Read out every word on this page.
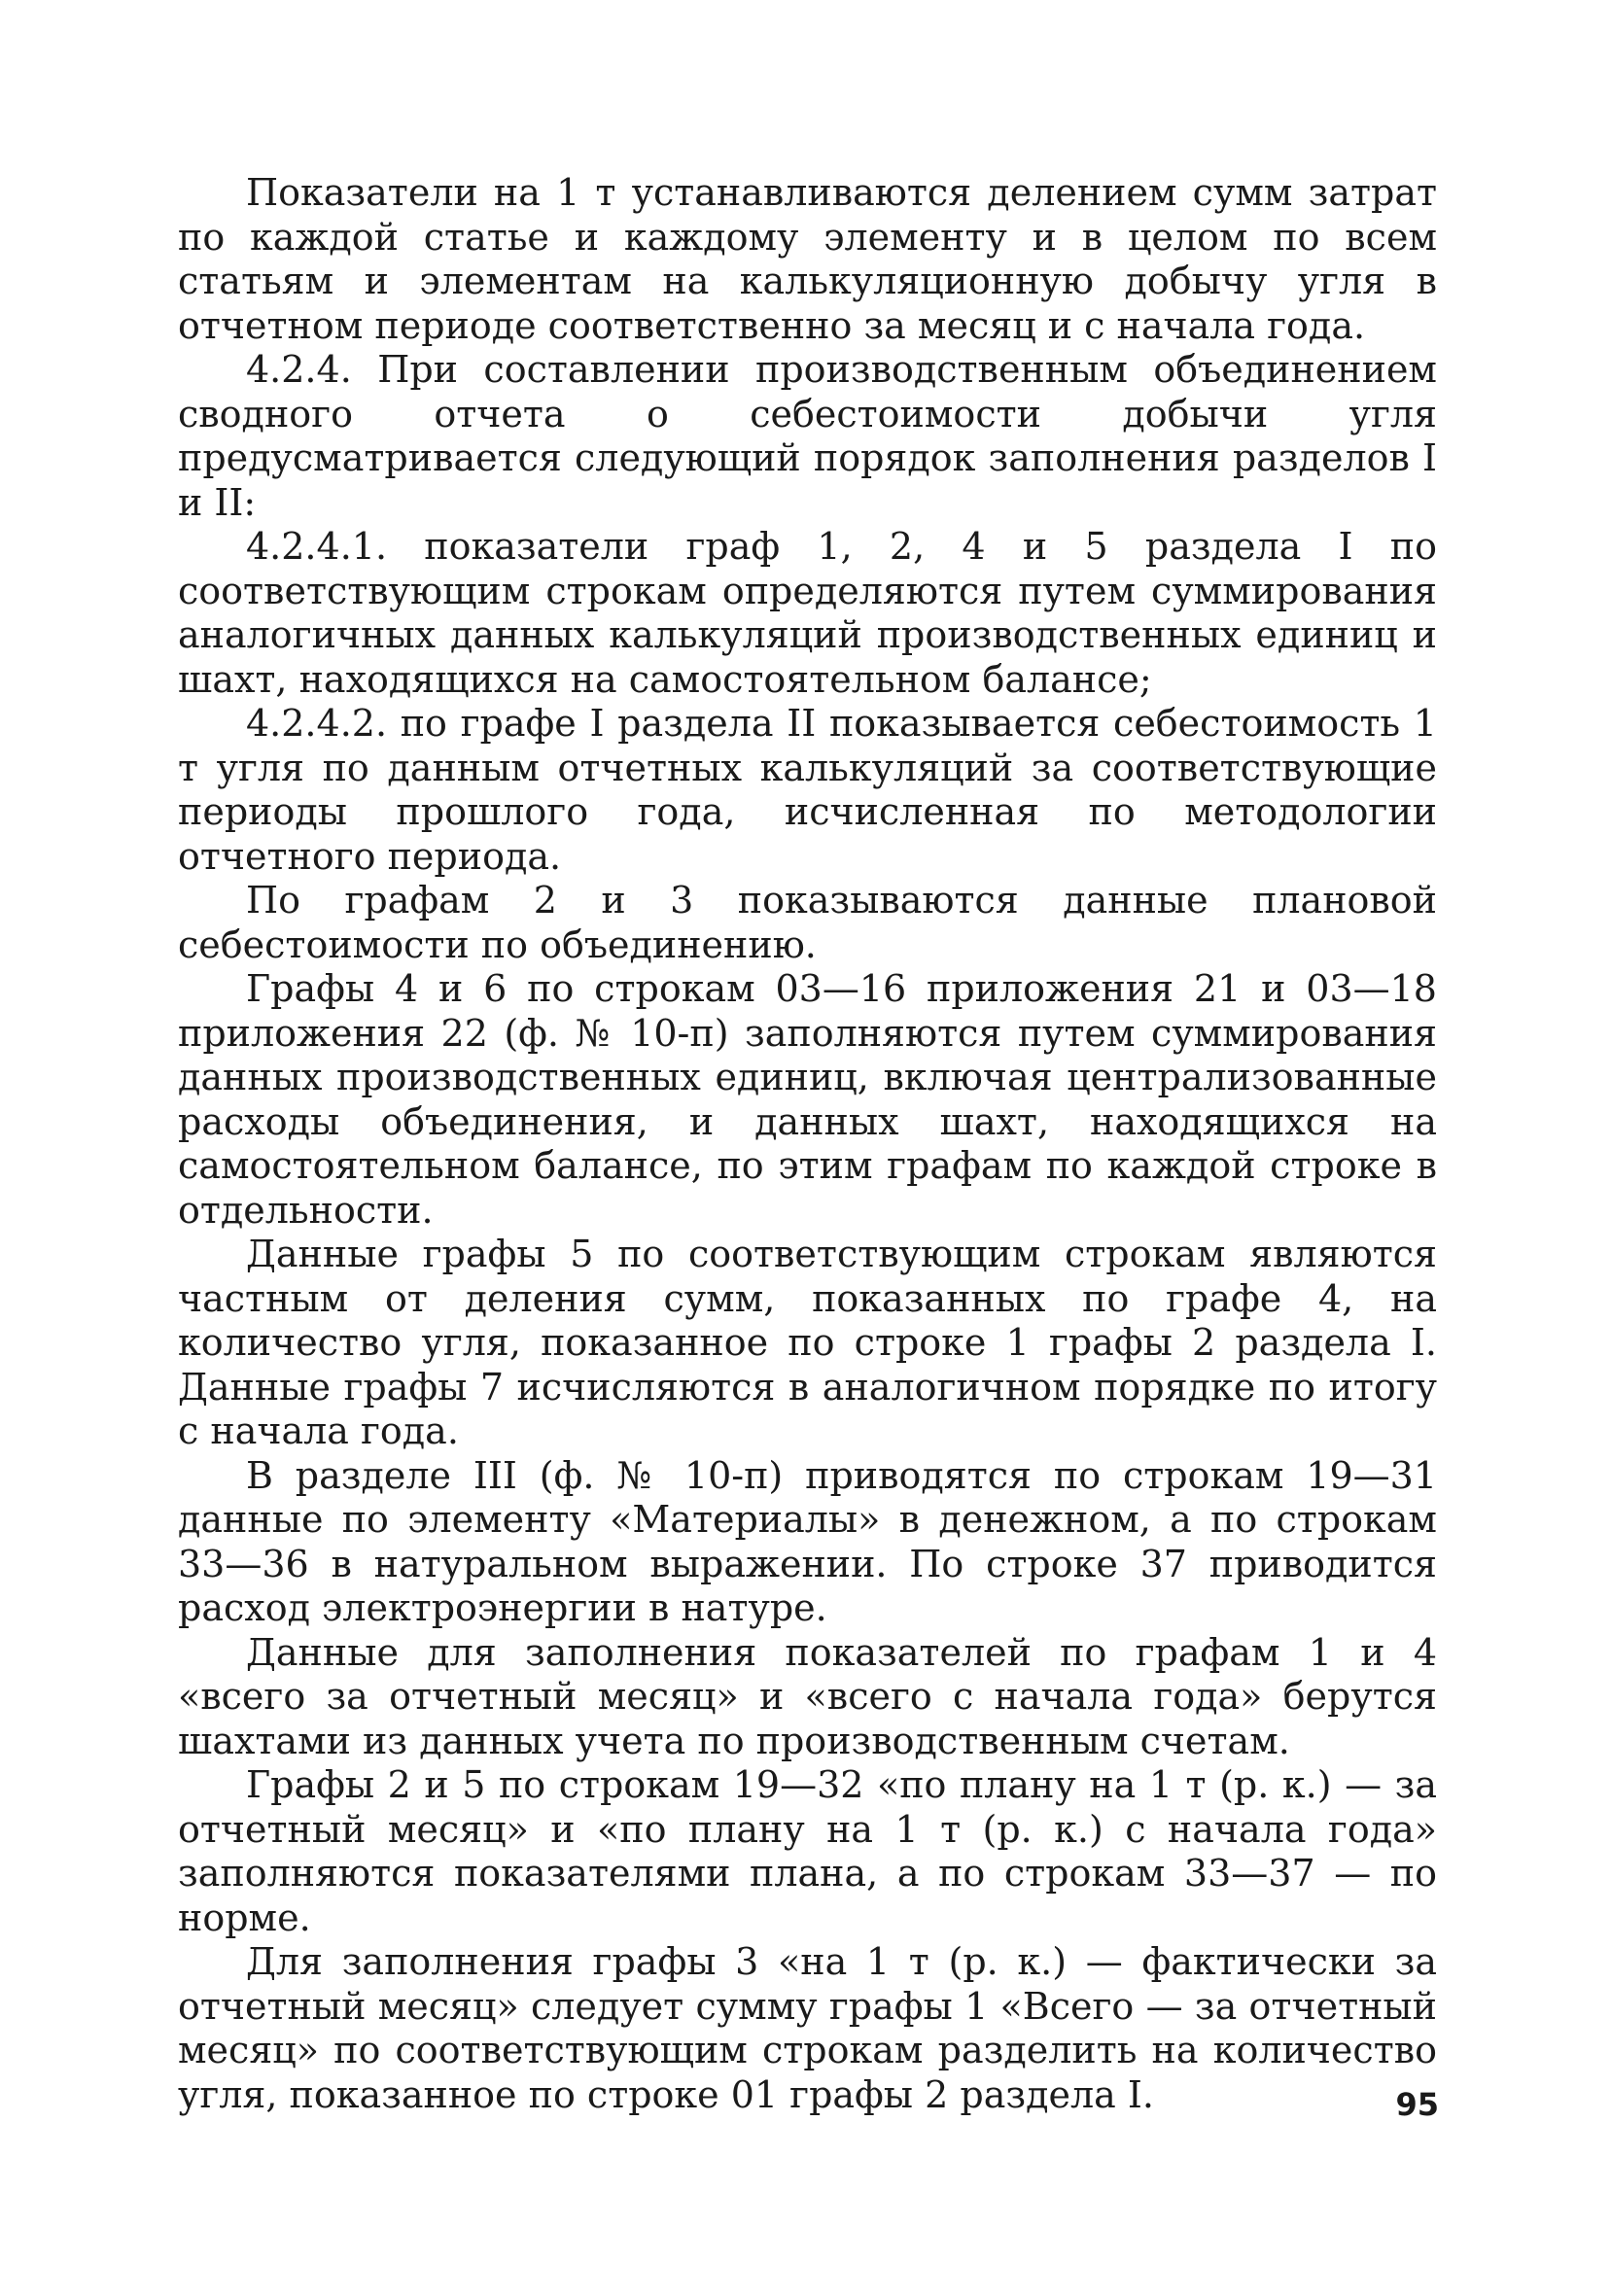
Показатели на 1 т устанавливаются делением сумм затрат по каждой статье и каждому элементу и в целом по всем статьям и элементам на калькуляционную добычу угля в отчетном периоде соответственно за месяц и с начала года.

4.2.4. При составлении производственным объединением сводного отчета о себестоимости добычи угля предусматривается следующий порядок заполнения разделов I и II:

4.2.4.1. показатели граф 1, 2, 4 и 5 раздела I по соответствующим строкам определяются путем суммирования аналогичных данных калькуляций производственных единиц и шахт, находящихся на самостоятельном балансе;

4.2.4.2. по графе I раздела II показывается себестоимость 1 т угля по данным отчетных калькуляций за соответствующие периоды прошлого года, исчисленная по методологии отчетного периода.

По графам 2 и 3 показываются данные плановой себестоимости по объединению.

Графы 4 и 6 по строкам 03—16 приложения 21 и 03—18 приложения 22 (ф. № 10-п) заполняются путем суммирования данных производственных единиц, включая централизованные расходы объединения, и данных шахт, находящихся на самостоятельном балансе, по этим графам по каждой строке в отдельности.

Данные графы 5 по соответствующим строкам являются частным от деления сумм, показанных по графе 4, на количество угля, показанное по строке 1 графы 2 раздела I. Данные графы 7 исчисляются в аналогичном порядке по итогу с начала года.

В разделе III (ф. № 10-п) приводятся по строкам 19—31 данные по элементу «Материалы» в денежном, а по строкам 33—36 в натуральном выражении. По строке 37 приводится расход электроэнергии в натуре.

Данные для заполнения показателей по графам 1 и 4 «всего за отчетный месяц» и «всего с начала года» берутся шахтами из данных учета по производственным счетам.

Графы 2 и 5 по строкам 19—32 «по плану на 1 т (р. к.) — за отчетный месяц» и «по плану на 1 т (р. к.) с начала года» заполняются показателями плана, а по строкам 33—37 — по норме.

Для заполнения графы 3 «на 1 т (р. к.) — фактически за отчетный месяц» следует сумму графы 1 «Всего — за отчетный месяц» по соответствующим строкам разделить на количество угля, показанное по строке 01 графы 2 раздела I.	95
